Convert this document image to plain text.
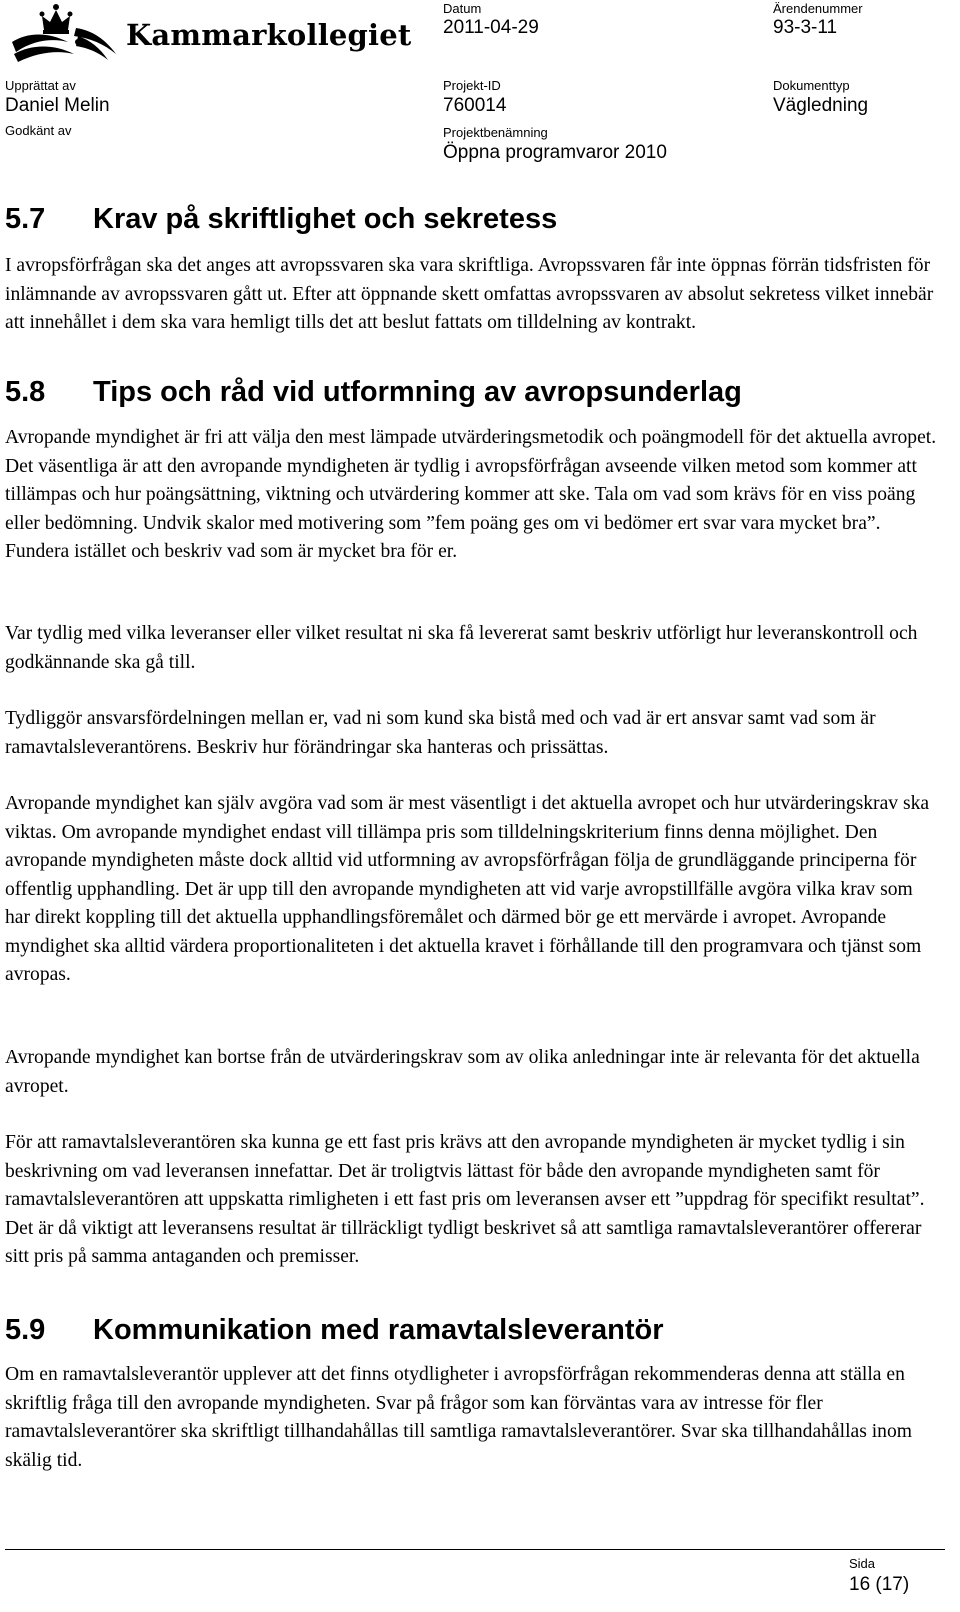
Kammarkollegiet
Datum
2011-04-29
Ärendenummer
93-3-11
Upprättat av
Daniel Melin
Projekt-ID
760014
Dokumenttyp
Vägledning
Godkänt av	Projektbenämning
Öppna programvaror 2010
5.7 Krav på skriftlighet och sekretess
I avropsförfrågan ska det anges att avropssvaren ska vara skriftliga. Avropssvaren får inte öppnas förrän tidsfristen för inlämnande av avropssvaren gått ut. Efter att öppnande skett omfattas avropssvaren av absolut sekretess vilket innebär att innehållet i dem ska vara hemligt tills det att beslut fattats om tilldelning av kontrakt.
5.8 Tips och råd vid utformning av avropsunderlag
Avropande myndighet är fri att välja den mest lämpade utvärderingsmetodik och poängmodell för det aktuella avropet. Det väsentliga är att den avropande myndigheten är tydlig i avropsförfrågan avseende vilken metod som kommer att tillämpas och hur poängsättning, viktning och utvärdering kommer att ske. Tala om vad som krävs för en viss poäng eller bedömning. Undvik skalor med motivering som ”fem poäng ges om vi bedömer ert svar vara mycket bra”. Fundera istället och beskriv vad som är mycket bra för er.
Var tydlig med vilka leveranser eller vilket resultat ni ska få levererat samt beskriv utförligt hur leveranskontroll och godkännande ska gå till.
Tydliggör ansvarsfördelningen mellan er, vad ni som kund ska bistå med och vad är ert ansvar samt vad som är ramavtalsleverantörens. Beskriv hur förändringar ska hanteras och prissättas.
Avropande myndighet kan själv avgöra vad som är mest väsentligt i det aktuella avropet och hur utvärderingskrav ska viktas. Om avropande myndighet endast vill tillämpa pris som tilldelningskriterium finns denna möjlighet. Den avropande myndigheten måste dock alltid vid utformning av avropsförfrågan följa de grundläggande principerna för offentlig upphandling. Det är upp till den avropande myndigheten att vid varje avropstillfälle avgöra vilka krav som har direkt koppling till det aktuella upphandlingsföremålet och därmed bör ge ett mervärde i avropet. Avropande myndighet ska alltid värdera proportionaliteten i det aktuella kravet i förhållande till den programvara och tjänst som avropas.
Avropande myndighet kan bortse från de utvärderingskrav som av olika anledningar inte är relevanta för det aktuella avropet.
För att ramavtalsleverantören ska kunna ge ett fast pris krävs att den avropande myndigheten är mycket tydlig i sin beskrivning om vad leveransen innefattar. Det är troligtvis lättast för både den avropande myndigheten samt för ramavtalsleverantören att uppskatta rimligheten i ett fast pris om leveransen avser ett ”uppdrag för specifikt resultat”. Det är då viktigt att leveransens resultat är tillräckligt tydligt beskrivet så att samtliga ramavtalsleverantörer offererar sitt pris på samma antaganden och premisser.
5.9 Kommunikation med ramavtalsleverantör
Om en ramavtalsleverantör upplever att det finns otydligheter i avropsförfrågan rekommenderas denna att ställa en skriftlig fråga till den avropande myndigheten. Svar på frågor som kan förväntas vara av intresse för fler ramavtalsleverantörer ska skriftligt tillhandahållas till samtliga ramavtalsleverantörer. Svar ska tillhandahållas inom skälig tid.
Sida
16 (17)
